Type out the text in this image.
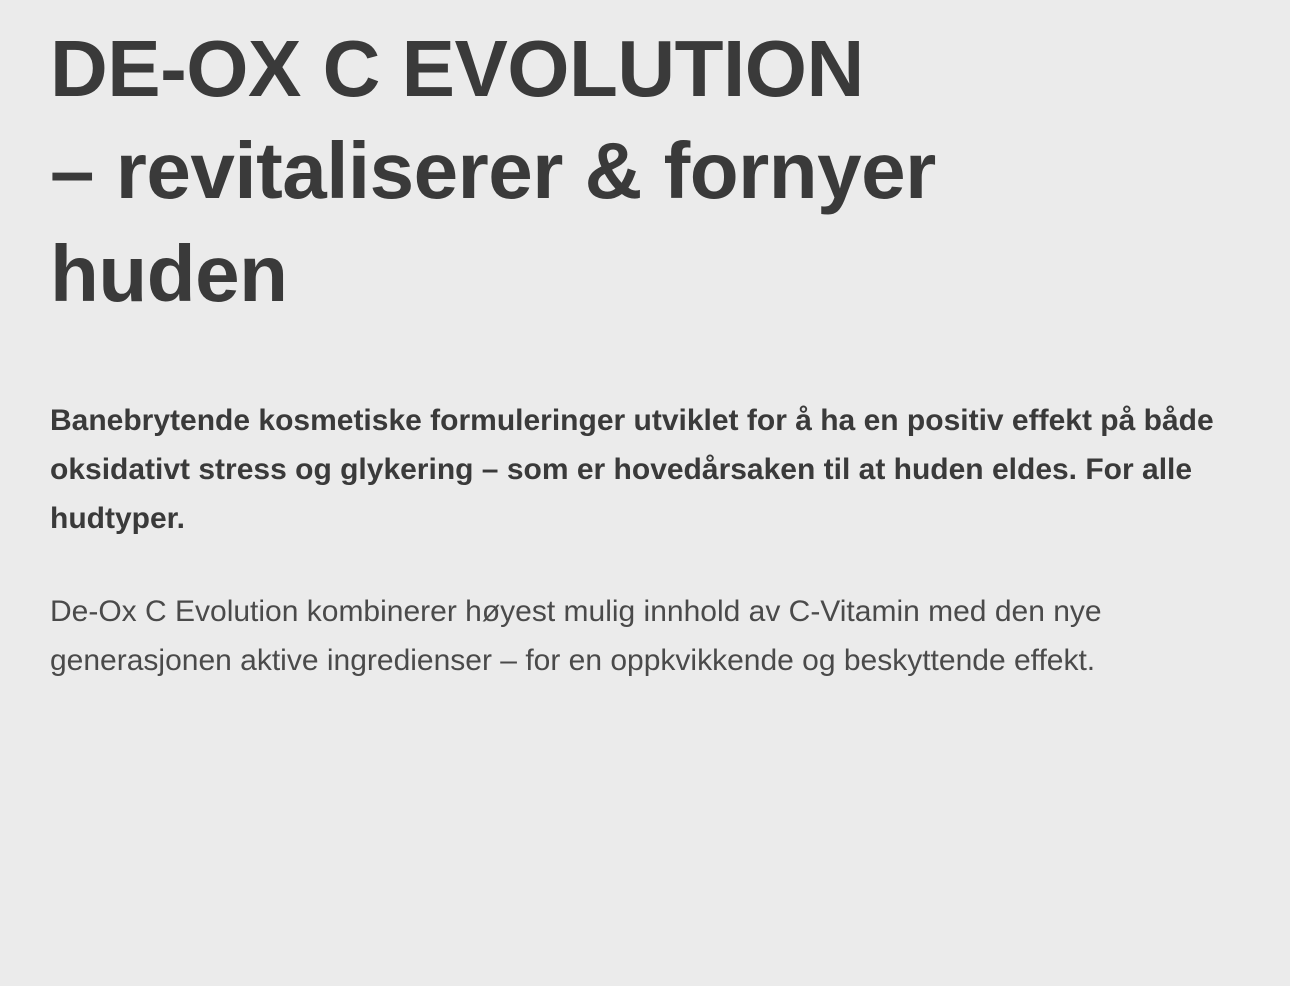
DE-OX C EVOLUTION
– revitaliserer & fornyer
huden

Banebrytende kosmetiske formuleringer utviklet for å ha en positiv effekt på både oksidativt stress og glykering – som er hovedårsaken til at huden eldes. For alle hudtyper.

De-Ox C Evolution kombinerer høyest mulig innhold av C-Vitamin med den nye generasjonen aktive ingredienser – for en oppkvikkende og beskyttende effekt.
